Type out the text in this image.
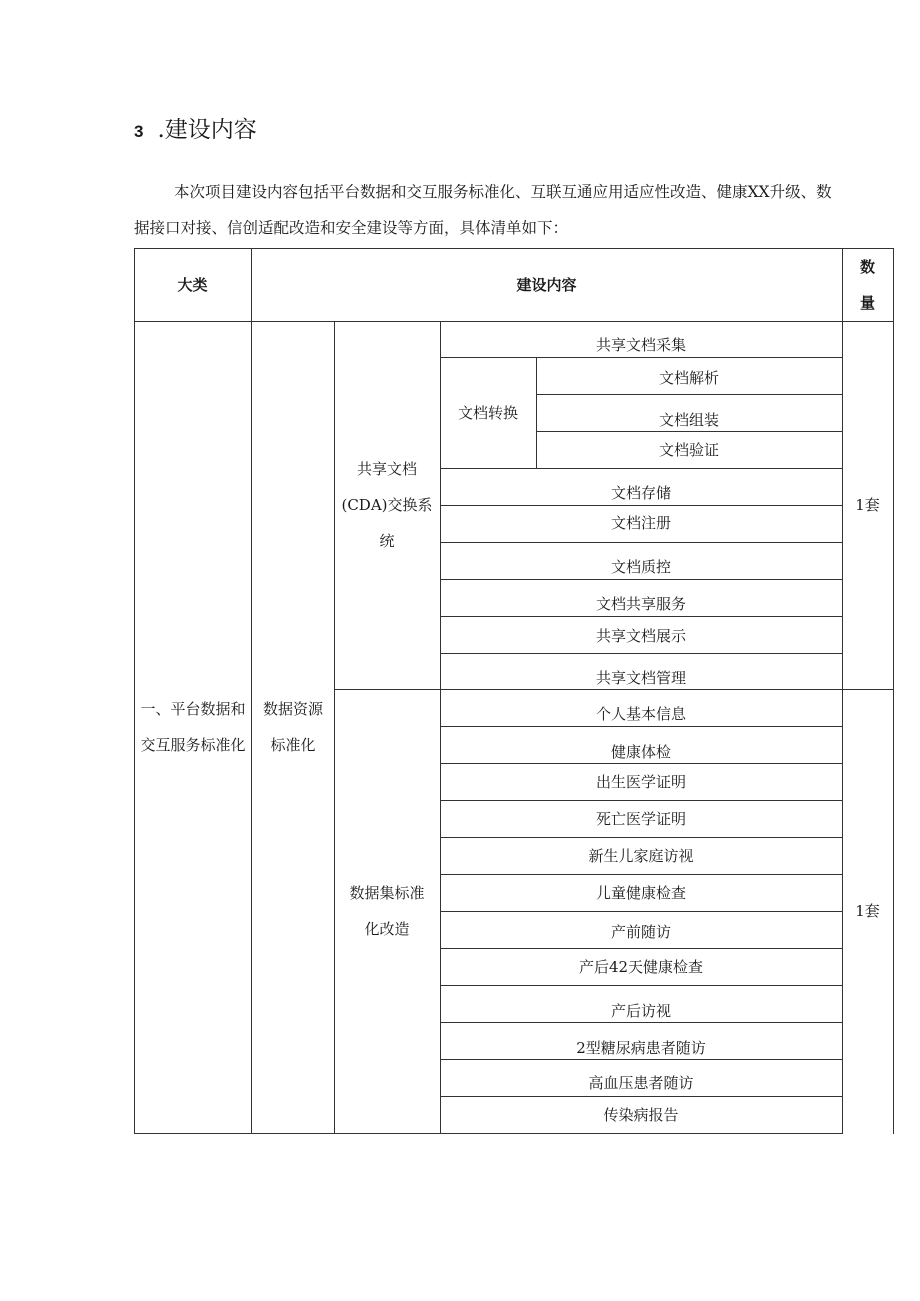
3 .建设内容
本次项目建设内容包括平台数据和交互服务标准化、互联互通应用适应性改造、健康XX升级、数
据接口对接、信创适配改造和安全建设等方面，具体清单如下：
大类	建设内容
数
量
一、平台数据和交互服务标准化
数据资源标准化
共享文档(CDA)交换系统
数据集标准化改造
1套
1套
共享文档采集
文档转换
文档解析
文档组装
文档验证
文档存储
文档注册
文档质控
文档共享服务
共享文档展示
共享文档管理
个人基本信息
健康体检
出生医学证明
死亡医学证明
新生儿家庭访视
儿童健康检查
产前随访
产后42天健康检查
产后访视
2型糖尿病患者随访
高血压患者随访
传染病报告
